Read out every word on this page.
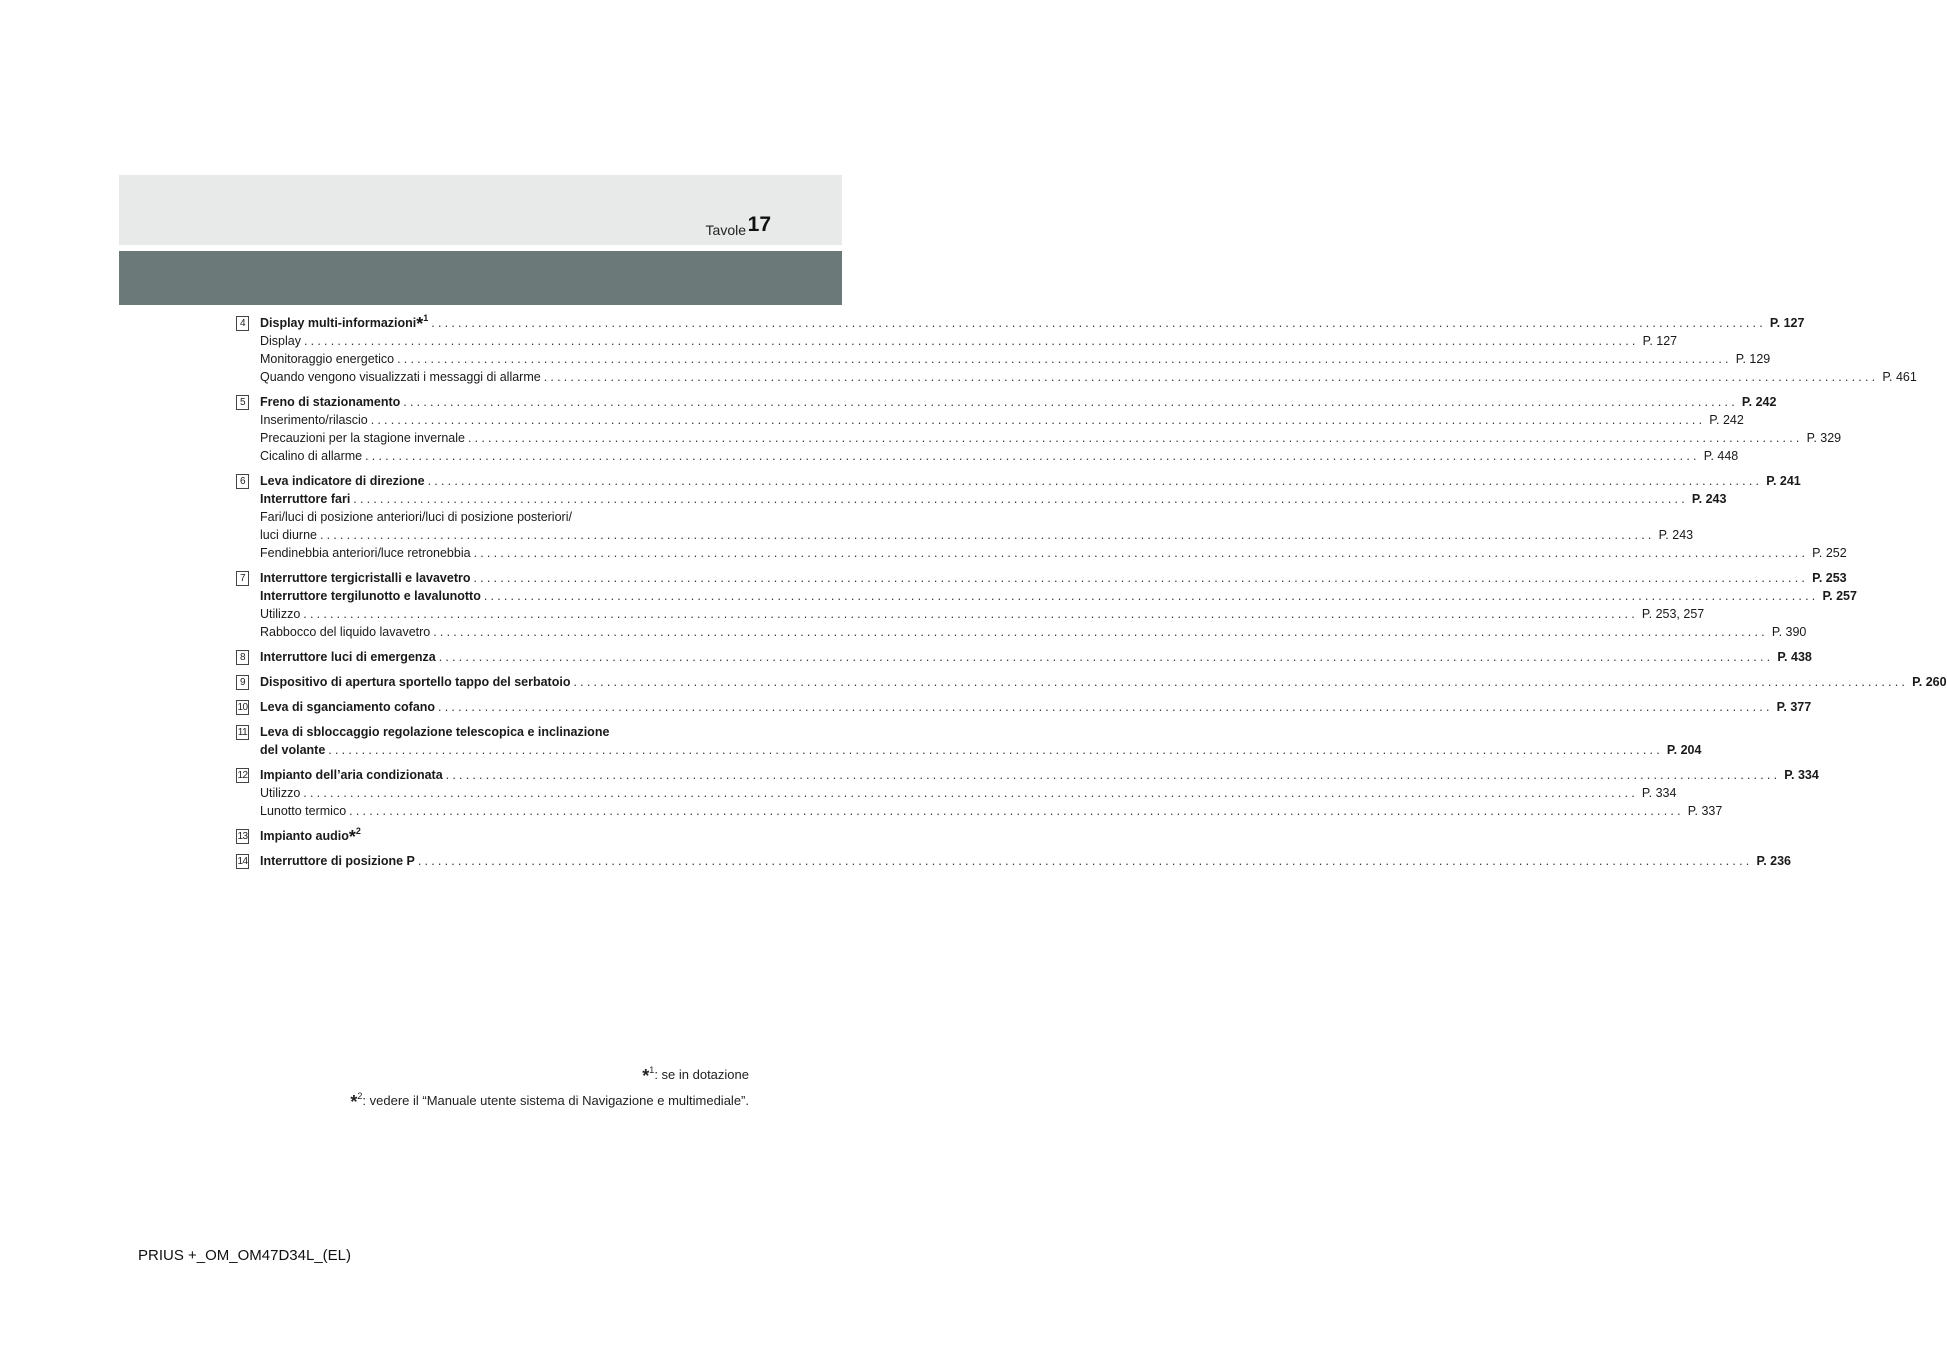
Tavole 17
4	Display multi-informazioni*$^1$ ........................................................................................................................................................................................................ P. 127
Display ........................................................................................................................................................................................................ P. 127
Monitoraggio energetico ........................................................................................................................................................................................................ P. 129
Quando vengono visualizzati i messaggi di allarme ........................................................................................................................................................................................................ P. 461
5	Freno di stazionamento ........................................................................................................................................................................................................ P. 242
Inserimento/rilascio ........................................................................................................................................................................................................ P. 242
Precauzioni per la stagione invernale ........................................................................................................................................................................................................ P. 329
Cicalino di allarme ........................................................................................................................................................................................................ P. 448
6	Leva indicatore di direzione ........................................................................................................................................................................................................ P. 241
Interruttore fari ........................................................................................................................................................................................................ P. 243
Fari/luci di posizione anteriori/luci di posizione posteriori/
luci diurne ........................................................................................................................................................................................................ P. 243
Fendinebbia anteriori/luce retronebbia ........................................................................................................................................................................................................ P. 252
7	Interruttore tergicristalli e lavavetro ........................................................................................................................................................................................................ P. 253
Interruttore tergilunotto e lavalunotto ........................................................................................................................................................................................................ P. 257
Utilizzo ........................................................................................................................................................................................................ P. 253, 257
Rabbocco del liquido lavavetro ........................................................................................................................................................................................................ P. 390
8	Interruttore luci di emergenza ........................................................................................................................................................................................................ P. 438
9	Dispositivo di apertura sportello tappo del serbatoio ........................................................................................................................................................................................................ P. 260
10 Leva di sganciamento cofano ........................................................................................................................................................................................................ P. 377
11 Leva di sbloccaggio regolazione telescopica e inclinazione
del volante ........................................................................................................................................................................................................ P. 204
12 Impianto dell’aria condizionata ........................................................................................................................................................................................................ P. 334
Utilizzo ........................................................................................................................................................................................................ P. 334
Lunotto termico ........................................................................................................................................................................................................ P. 337
13 Impianto audio*$^2$
14 Interruttore di posizione P ........................................................................................................................................................................................................ P. 236
*$^1$: se in dotazione
*$^2$: vedere il “Manuale utente sistema di Navigazione e multimediale”.
PRIUS +_OM_OM47D34L_(EL)
